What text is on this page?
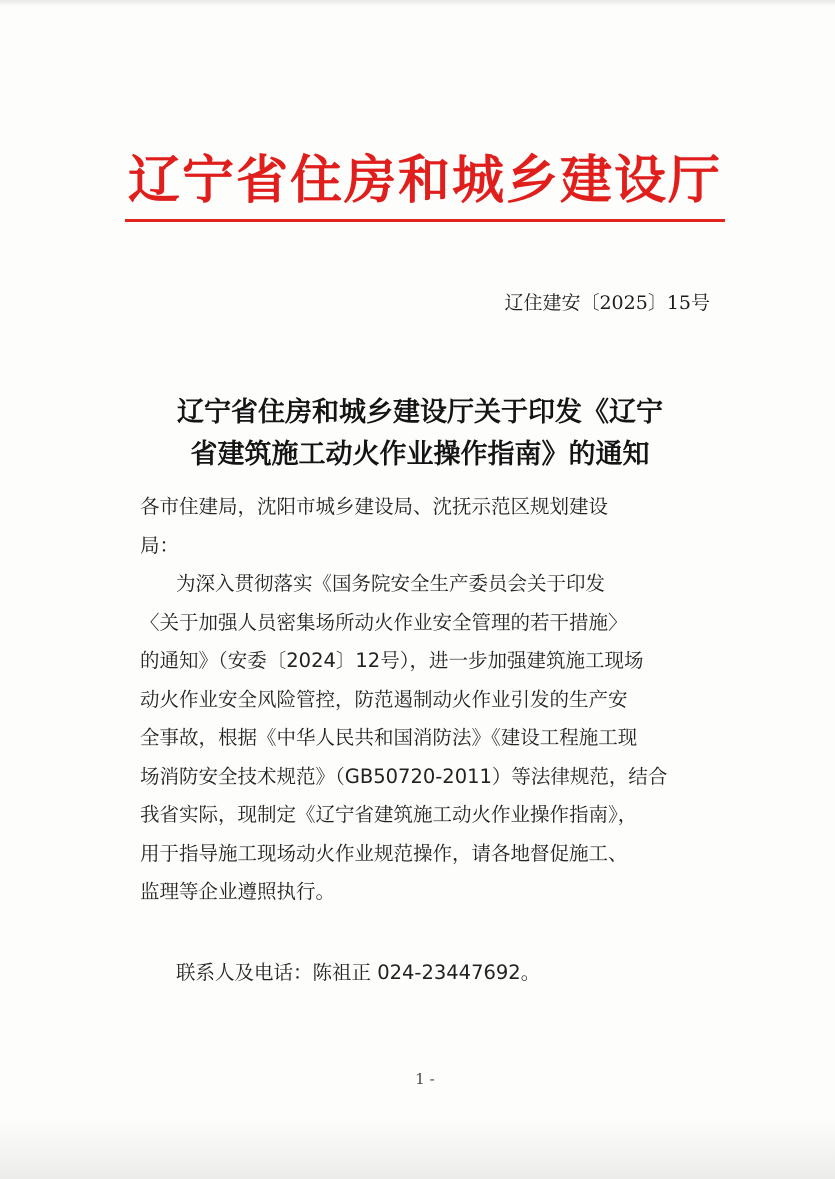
辽宁省住房和城乡建设厅
辽住建安〔2025〕15号
辽宁省住房和城乡建设厅关于印发《辽宁
省建筑施工动火作业操作指南》的通知
各市住建局，沈阳市城乡建设局、沈抚示范区规划建设
局：
为深入贯彻落实《国务院安全生产委员会关于印发
〈关于加强人员密集场所动火作业安全管理的若干措施〉
的通知》（安委〔2024〕12号），进一步加强建筑施工现场
动火作业安全风险管控，防范遏制动火作业引发的生产安
全事故，根据《中华人民共和国消防法》《建设工程施工现
场消防安全技术规范》（GB50720-2011）等法律规范，结合
我省实际，现制定《辽宁省建筑施工动火作业操作指南》，
用于指导施工现场动火作业规范操作，请各地督促施工、
监理等企业遵照执行。
联系人及电话：陈祖正 024-23447692。
1 -
